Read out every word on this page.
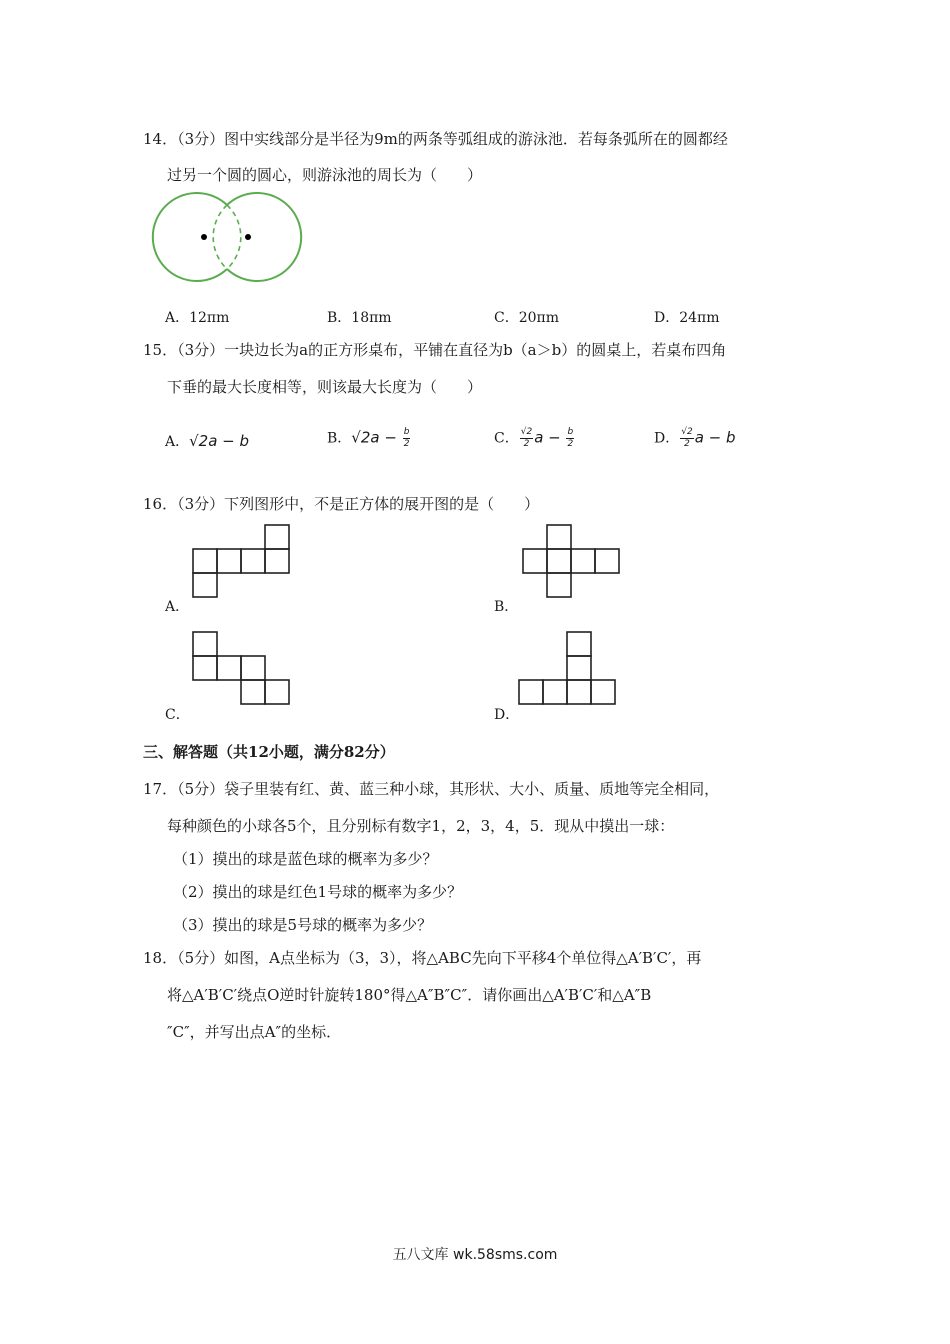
14．（3分）图中实线部分是半径为9m的两条等弧组成的游泳池．若每条弧所在的圆都经
过另一个圆的圆心，则游泳池的周长为（　　）
A．12πm	B．18πm	C．20πm	D．24πm
15．（3分）一块边长为a的正方形桌布，平铺在直径为b（a＞b）的圆桌上，若桌布四角
下垂的最大长度相等，则该最大长度为（　　）
A．√2a − b	B．$√2a - \frac{b}{2}$	C． $\frac{√2}{2}$ $a - \frac{b}{2}$	D． $\frac{√2}{2}$ a − b
16．（3分）下列图形中，不是正方体的展开图的是（　　）
A．	B．
C．	D．
三、解答题（共12小题，满分82分）
17．（5分）袋子里装有红、黄、蓝三种小球，其形状、大小、质量、质地等完全相同，
每种颜色的小球各5个，且分别标有数字1，2，3，4，5．现从中摸出一球：
（1）摸出的球是蓝色球的概率为多少？
（2）摸出的球是红色1号球的概率为多少？
（3）摸出的球是5号球的概率为多少？
18．（5分）如图，A点坐标为（3，3），将△ABC先向下平移4个单位得△A′B′C′，再
将△A′B′C′绕点O逆时针旋转180°得△A″B″C″．请你画出△A′B′C′和△A″B
″C″，并写出点A″的坐标．
五八文库 wk.58sms.com
